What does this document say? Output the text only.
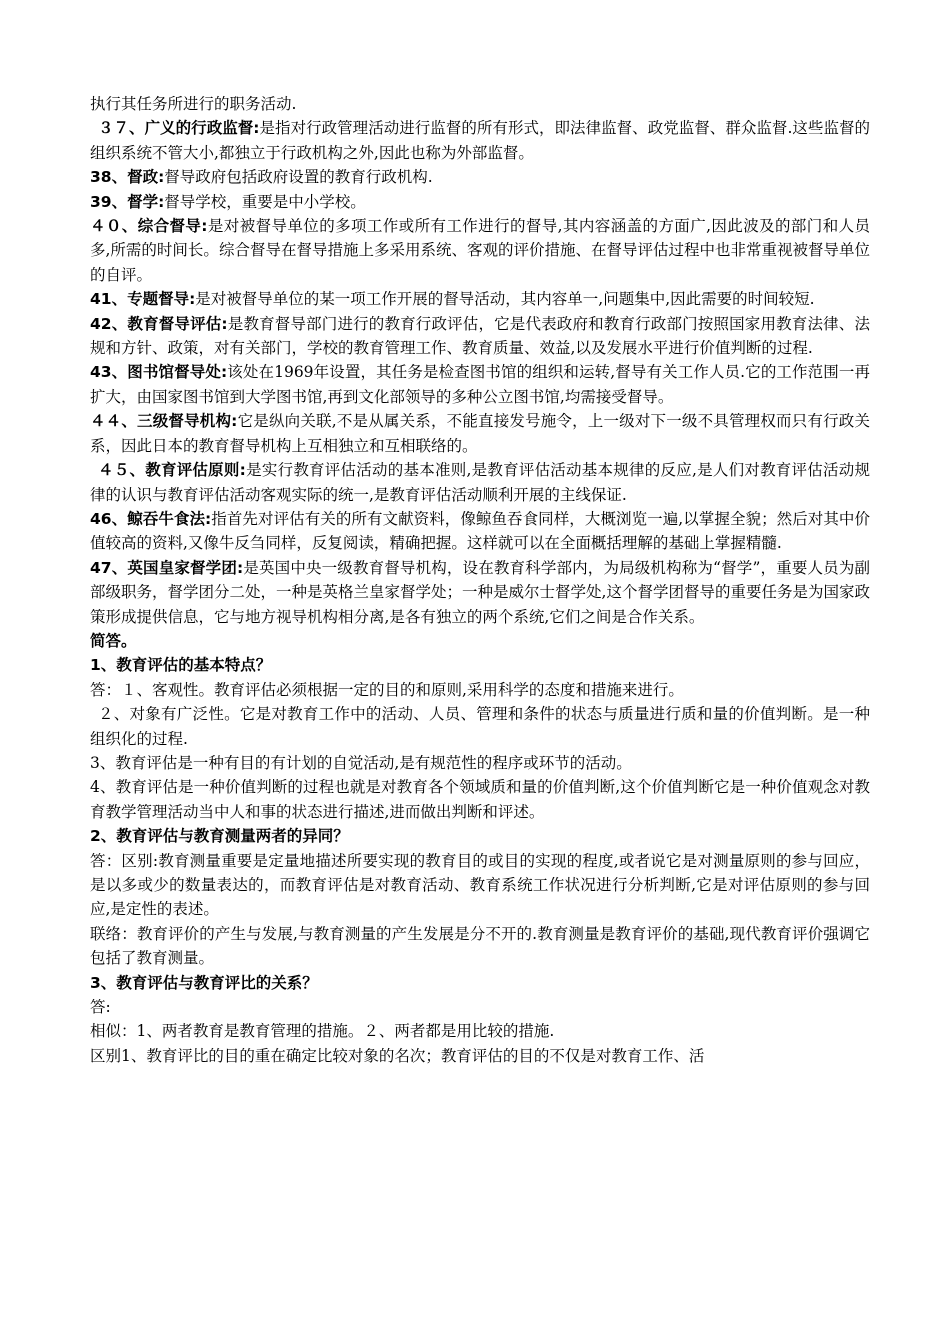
执行其任务所进行的职务活动.

３７、广义的行政监督:是指对行政管理活动进行监督的所有形式，即法律监督、政党监督、群众监督.这些监督的组织系统不管大小,都独立于行政机构之外,因此也称为外部监督。

38、督政:督导政府包括政府设置的教育行政机构.

39、督学:督导学校，重要是中小学校。

４０、综合督导:是对被督导单位的多项工作或所有工作进行的督导,其内容涵盖的方面广,因此波及的部门和人员多,所需的时间长。综合督导在督导措施上多采用系统、客观的评价措施、在督导评估过程中也非常重视被督导单位的自评。

41、专题督导:是对被督导单位的某一项工作开展的督导活动，其内容单一,问题集中,因此需要的时间较短.

42、教育督导评估:是教育督导部门进行的教育行政评估，它是代表政府和教育行政部门按照国家用教育法律、法规和方针、政策，对有关部门，学校的教育管理工作、教育质量、效益,以及发展水平进行价值判断的过程.

43、图书馆督导处:该处在1969年设置，其任务是检查图书馆的组织和运转,督导有关工作人员.它的工作范围一再扩大，由国家图书馆到大学图书馆,再到文化部领导的多种公立图书馆,均需接受督导。

４４、三级督导机构:它是纵向关联,不是从属关系，不能直接发号施令，上一级对下一级不具管理权而只有行政关系，因此日本的教育督导机构上互相独立和互相联络的。

４５、教育评估原则:是实行教育评估活动的基本准则,是教育评估活动基本规律的反应,是人们对教育评估活动规律的认识与教育评估活动客观实际的统一,是教育评估活动顺利开展的主线保证.

46、鲸吞牛食法:指首先对评估有关的所有文献资料，像鲸鱼吞食同样，大概浏览一遍,以掌握全貌；然后对其中价值较高的资料,又像牛反刍同样，反复阅读，精确把握。这样就可以在全面概括理解的基础上掌握精髓.

47、英国皇家督学团:是英国中央一级教育督导机构，设在教育科学部内，为局级机构称为“督学”，重要人员为副部级职务，督学团分二处，一种是英格兰皇家督学处；一种是威尔士督学处,这个督学团督导的重要任务是为国家政策形成提供信息，它与地方视导机构相分离,是各有独立的两个系统,它们之间是合作关系。

简答。

1、教育评估的基本特点？

答：１、客观性。教育评估必须根据一定的目的和原则,采用科学的态度和措施来进行。

２、对象有广泛性。它是对教育工作中的活动、人员、管理和条件的状态与质量进行质和量的价值判断。是一种组织化的过程.

3、教育评估是一种有目的有计划的自觉活动,是有规范性的程序或环节的活动。

4、教育评估是一种价值判断的过程也就是对教育各个领域质和量的价值判断,这个价值判断它是一种价值观念对教育教学管理活动当中人和事的状态进行描述,进而做出判断和评述。

2、教育评估与教育测量两者的异同？

答：区别:教育测量重要是定量地描述所要实现的教育目的或目的实现的程度,或者说它是对测量原则的参与回应，是以多或少的数量表达的，而教育评估是对教育活动、教育系统工作状况进行分析判断,它是对评估原则的参与回应,是定性的表述。

联络：教育评价的产生与发展,与教育测量的产生发展是分不开的.教育测量是教育评价的基础,现代教育评价强调它包括了教育测量。

3、教育评估与教育评比的关系？

答:

相似：1、两者教育是教育管理的措施。２、两者都是用比较的措施.

区别1、教育评比的目的重在确定比较对象的名次；教育评估的目的不仅是对教育工作、活
